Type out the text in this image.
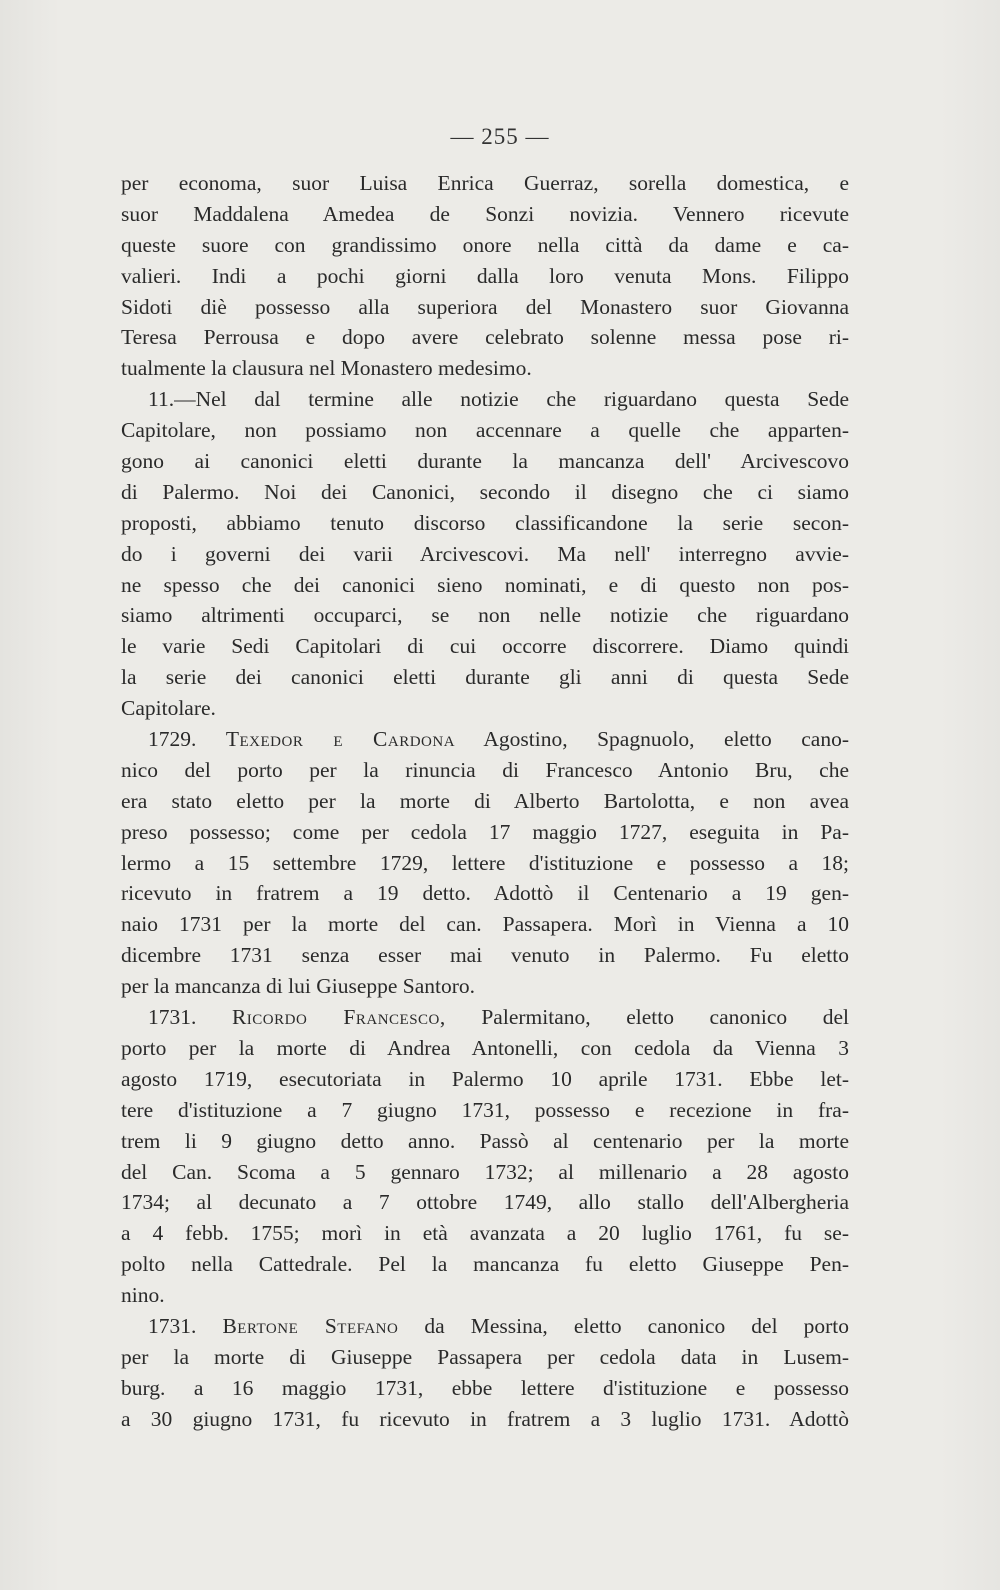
— 255 —
per economa, suor Luisa Enrica Guerraz, sorella domestica, e
suor Maddalena Amedea de Sonzi novizia. Vennero ricevute
queste suore con grandissimo onore nella città da dame e ca-
valieri. Indi a pochi giorni dalla loro venuta Mons. Filippo
Sidoti diè possesso alla superiora del Monastero suor Giovanna
Teresa Perrousa e dopo avere celebrato solenne messa pose ri-
tualmente la clausura nel Monastero medesimo.
11.—Nel dal termine alle notizie che riguardano questa Sede
Capitolare, non possiamo non accennare a quelle che apparten-
gono ai canonici eletti durante la mancanza dell' Arcivescovo
di Palermo. Noi dei Canonici, secondo il disegno che ci siamo
proposti, abbiamo tenuto discorso classificandone la serie secon-
do i governi dei varii Arcivescovi. Ma nell' interregno avvie-
ne spesso che dei canonici sieno nominati, e di questo non pos-
siamo altrimenti occuparci, se non nelle notizie che riguardano
le varie Sedi Capitolari di cui occorre discorrere. Diamo quindi
la serie dei canonici eletti durante gli anni di questa Sede
Capitolare.
1729. Texedor e Cardona Agostino, Spagnuolo, eletto cano-
nico del porto per la rinuncia di Francesco Antonio Bru, che
era stato eletto per la morte di Alberto Bartolotta, e non avea
preso possesso; come per cedola 17 maggio 1727, eseguita in Pa-
lermo a 15 settembre 1729, lettere d'istituzione e possesso a 18;
ricevuto in fratrem a 19 detto. Adottò il Centenario a 19 gen-
naio 1731 per la morte del can. Passapera. Morì in Vienna a 10
dicembre 1731 senza esser mai venuto in Palermo. Fu eletto
per la mancanza di lui Giuseppe Santoro.
1731. Ricordo Francesco, Palermitano, eletto canonico del
porto per la morte di Andrea Antonelli, con cedola da Vienna 3
agosto 1719, esecutoriata in Palermo 10 aprile 1731. Ebbe let-
tere d'istituzione a 7 giugno 1731, possesso e recezione in fra-
trem li 9 giugno detto anno. Passò al centenario per la morte
del Can. Scoma a 5 gennaro 1732; al millenario a 28 agosto
1734; al decunato a 7 ottobre 1749, allo stallo dell'Albergheria
a 4 febb. 1755; morì in età avanzata a 20 luglio 1761, fu se-
polto nella Cattedrale. Pel la mancanza fu eletto Giuseppe Pen-
nino.
1731. Bertone Stefano da Messina, eletto canonico del porto
per la morte di Giuseppe Passapera per cedola data in Lusem-
burg. a 16 maggio 1731, ebbe lettere d'istituzione e possesso
a 30 giugno 1731, fu ricevuto in fratrem a 3 luglio 1731. Adottò
